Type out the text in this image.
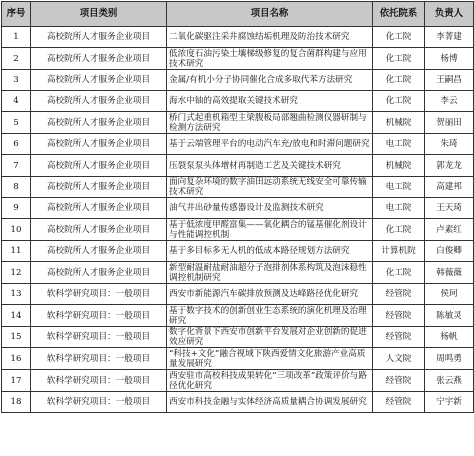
序号	项目类别	项目名称	依托院系	负责人
1	高校院所人才服务企业项目	二氧化碳驱注采井腐蚀结垢机理及防治技术研究	化工院	李菁建
2	高校院所人才服务企业项目	低浓度石油污染土壤梯级修复的复合菌群构建与应用技术研究	化工院	杨博
3	高校院所人才服务企业项目	金属/有机小分子协同催化合成多取代苯方法研究	化工院	王嗣昌
4	高校院所人才服务企业项目	海水中铀的高效提取关键技术研究	化工院	李云
5	高校院所人才服务企业项目	桥门式起重机箱型主梁腹板局部翘曲检测仪器研制与检测方法研究	机械院	贺丽田
6	高校院所人才服务企业项目	基于云端管理平台的电动汽车充/放电和时滞问题研究	电工院	朱琦
7	高校院所人才服务企业项目	压裂泵泵头体增材再制造工艺及关键技术研究	机械院	郭龙龙
8	高校院所人才服务企业项目	面向复杂环境的数字油田远动系统无线安全可靠传输技术研究	电工院	高建邦
9	高校院所人才服务企业项目	油气井出砂量传感器设计及监测技术研究	电工院	王天琦
10	高校院所人才服务企业项目	基于低浓度甲醛富集——氧化耦合的锰基催化剂设计与性能调控机制	化工院	卢素红
11	高校院所人才服务企业项目	基于多目标多无人机的低成本路径规划方法研究	计算机院	白俊卿
12	高校院所人才服务企业项目	新型耐温耐盐耐油超分子泡排剂体系构筑及泡沫稳性调控机制研究	化工院	韩薇薇
13	软科学研究项目：一般项目	西安市新能源汽车碳排放预测及达峰路径优化研究	经管院	侯珂
14	软科学研究项目：一般项目	基于数字技术的创新创业生态系统的演化机理及治理研究	经管院	陈敏灵
15	软科学研究项目：一般项目	数字化背景下西安市创新平台发展对企业创新的促进效应研究	经管院	杨帆
16	软科学研究项目：一般项目	“科技+文化”融合视域下陕西爱情文化旅游产业高质量发展研究	人文院	周鸣勇
17	软科学研究项目：一般项目	西安驻市高校科技成果转化“三项改革”政策评价与路径优化研究	经管院	张云燕
18	软科学研究项目：一般项目	西安市科技金融与实体经济高质量耦合协调发展研究	经管院	宁宇新
